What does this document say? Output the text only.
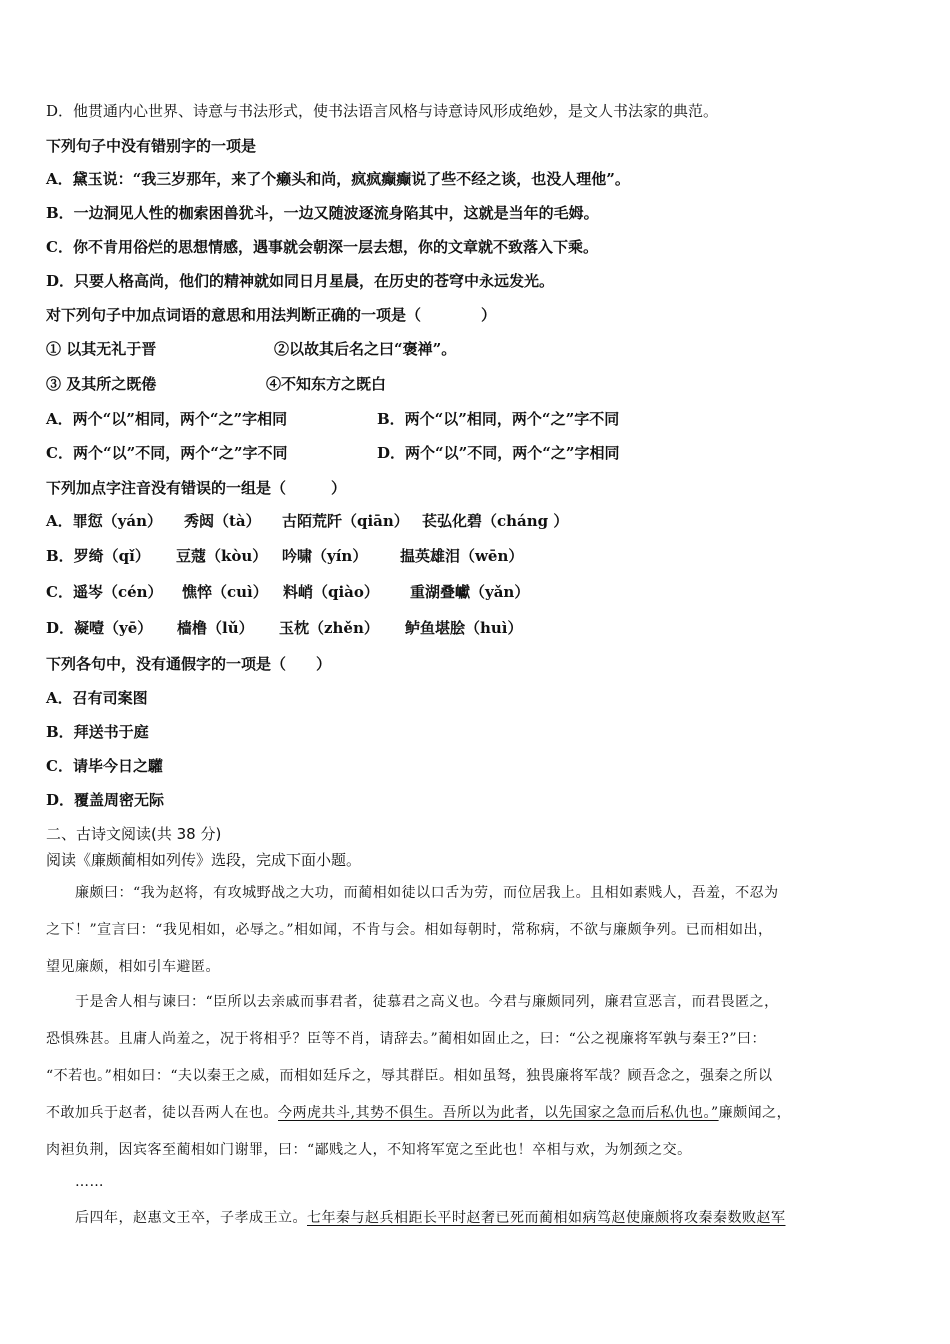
D．他贯通内心世界、诗意与书法形式，使书法语言风格与诗意诗风形成绝妙，是文人书法家的典范。
下列句子中没有错别字的一项是
A．黛玉说：“我三岁那年，来了个癞头和尚，疯疯癫癫说了些不经之谈，也没人理他”。
B．一边洞见人性的枷索困兽犹斗，一边又随波逐流身陷其中，这就是当年的毛姆。
C．你不肯用俗烂的思想情感，遇事就会朝深一层去想，你的文章就不致落入下乘。
D．只要人格高尚，他们的精神就如同日月星晨，在历史的苍穹中永远发光。
对下列句子中加点词语的意思和用法判断正确的一项是（　　　　）
① 以其无礼于晋	②以故其后名之曰“褒禅”。
③ 及其所之既倦	④不知东方之既白
A．两个“以”相同，两个“之”字相同	B．两个“以”相同，两个“之”字不同
C．两个“以”不同，两个“之”字不同	D．两个“以”不同，两个“之”字相同
下列加点字注音没有错误的一组是（　　　）
A．罪愆（yán） 秀闼（tà） 古陌荒阡（qiān） 苌弘化碧（cháng ）
B．罗绮（qǐ） 豆蔻（kòu） 吟啸（yín） 揾英雄泪（wēn）
C．遥岑（cén） 憔悴（cuì） 料峭（qiào） 重湖叠巘（yǎn）
D．凝噎（yē） 樯橹（lǔ） 玉枕（zhěn） 鲈鱼堪脍（huì）
下列各句中，没有通假字的一项是（　　）
A．召有司案图
B．拜送书于庭
C．请毕今日之驩
D．覆盖周密无际
二、古诗文阅读(共 38 分)
阅读《廉颇蔺相如列传》选段，完成下面小题。
　　廉颇曰：“我为赵将，有攻城野战之大功，而蔺相如徒以口舌为劳，而位居我上。且相如素贱人，吾羞，不忍为
之下！”宣言曰：“我见相如，必辱之。”相如闻，不肯与会。相如每朝时，常称病，不欲与廉颇争列。已而相如出，
望见廉颇，相如引车避匿。
　　于是舍人相与谏曰：“臣所以去亲戚而事君者，徒慕君之高义也。今君与廉颇同列，廉君宣恶言，而君畏匿之，
恐惧殊甚。且庸人尚羞之，况于将相乎？臣等不肖，请辞去。”蔺相如固止之，曰：“公之视廉将军孰与秦王?”曰：
“不若也。”相如曰：“夫以秦王之威，而相如廷斥之，辱其群臣。相如虽驽，独畏廉将军哉？顾吾念之，强秦之所以
不敢加兵于赵者，徒以吾两人在也。今两虎共斗,其势不俱生。吾所以为此者，以先国家之急而后私仇也。”廉颇闻之，
肉袒负荆，因宾客至蔺相如门谢罪，曰：“鄙贱之人，不知将军宽之至此也！卒相与欢，为刎颈之交。
　　……
　　后四年，赵惠文王卒，子孝成王立。七年秦与赵兵相距长平时赵奢已死而蔺相如病笃赵使廉颇将攻秦秦数败赵军
